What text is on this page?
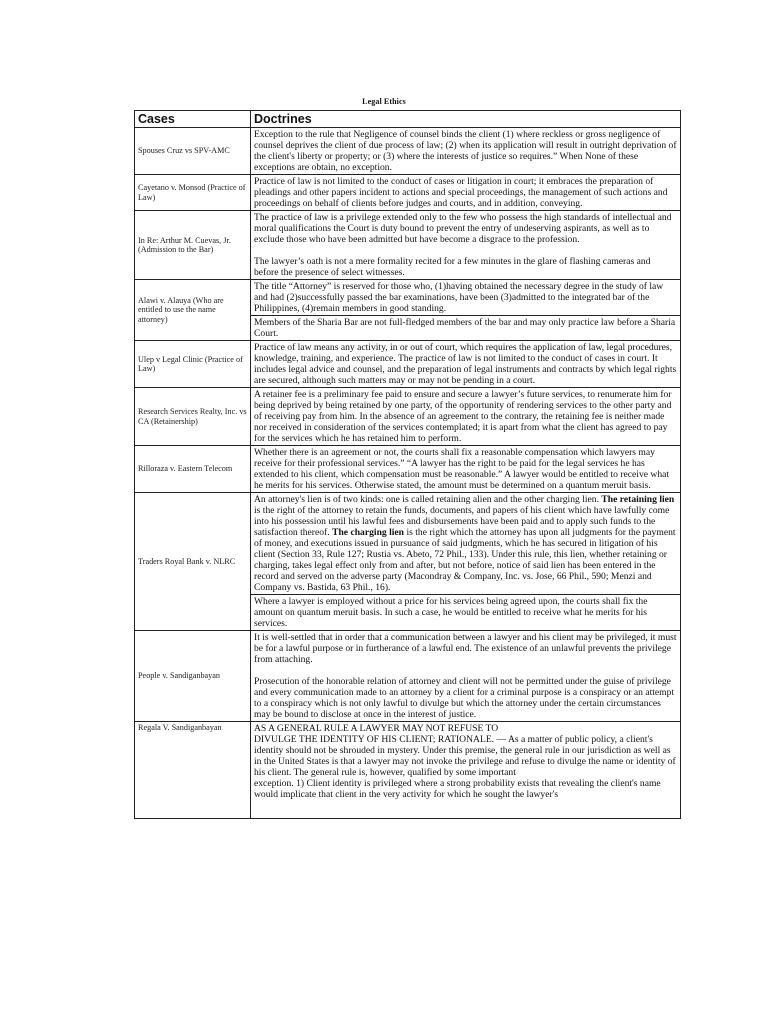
Legal Ethics
Cases	Doctrines
Spouses Cruz vs SPV-AMC	Exception to the rule that Negligence of counsel binds the client (1) where reckless or gross negligence of counsel deprives the client of due process of law; (2) when its application will result in outright deprivation of the client's liberty or property; or (3) where the interests of justice so requires.” When None of these exceptions are obtain, no exception.
Cayetano v. Monsod (Practice of Law)	Practice of law is not limited to the conduct of cases or litigation in court; it embraces the preparation of pleadings and other papers incident to actions and special proceedings, the management of such actions and proceedings on behalf of clients before judges and courts, and in addition, conveying.
In Re: Arthur M. Cuevas, Jr. (Admission to the Bar)	The practice of law is a privilege extended only to the few who possess the high standards of intellectual and moral qualifications the Court is duty bound to prevent the entry of undeserving aspirants, as well as to exclude those who have been admitted but have become a disgrace to the profession.
The lawyer’s oath is not a mere formality recited for a few minutes in the glare of flashing cameras and before the presence of select witnesses.

Alawi v. Alauya (Who are entitled to use the name attorney)	The title “Attorney” is reserved for those who, (1)having obtained the necessary degree in the study of law and had (2)successfully passed the bar examinations, have been (3)admitted to the integrated bar of the Philippines, (4)remain members in good standing.
	Members of the Sharia Bar are not full-fledged members of the bar and may only practice law before a Sharia Court.
Ulep v Legal Clinic (Practice of Law)	Practice of law means any activity, in or out of court, which requires the application of law, legal procedures, knowledge, training, and experience. The practice of law is not limited to the conduct of cases in court. It includes legal advice and counsel, and the preparation of legal instruments and contracts by which legal rights are secured, although such matters may or may not be pending in a court.
Research Services Realty, Inc. vs CA (Retainership)	A retainer fee is a preliminary fee paid to ensure and secure a lawyer’s future services, to renumerate him for being deprived by being retained by one party, of the opportunity of rendering services to the other party and of receiving pay from him. In the absence of an agreement to the contrary, the retaining fee is neither made nor received in consideration of the services contemplated; it is apart from what the client has agreed to pay for the services which he has retained him to perform.
Rilloraza v. Eastern Telecom	Whether there is an agreement or not, the courts shall fix a reasonable compensation which lawyers may receive for their professional services.” “A lawyer has the right to be paid for the legal services he has extended to his client, which compensation must be reasonable.” A lawyer would be entitled to receive what he merits for his services. Otherwise stated, the amount must be determined on a quantum meruit basis.
Traders Royal Bank v. NLRC	An attorney's lien is of two kinds: one is called retaining alien and the other charging lien. The retaining lien is the right of the attorney to retain the funds, documents, and papers of his client which have lawfully come into his possession until his lawful fees and disbursements have been paid and to apply such funds to the satisfaction thereof. The charging lien is the right which the attorney has upon all judgments for the payment of money, and executions issued in pursuance of said judgments, which he has secured in litigation of his client (Section 33, Rule 127; Rustia vs. Abeto, 72 Phil., 133). Under this rule, this lien, whether retaining or charging, takes legal effect only from and after, but not before, notice of said lien has been entered in the record and served on the adverse party (Macondray & Company, Inc. vs. Jose, 66 Phil., 590; Menzi and Company vs. Bastida, 63 Phil., 16).
	Where a lawyer is employed without a price for his services being agreed upon, the courts shall fix the amount on quantum meruit basis. In such a case, he would be entitled to receive what he merits for his services.
People v. Sandiganbayan	It is well-settled that in order that a communication between a lawyer and his client may be privileged, it must be for a lawful purpose or in furtherance of a lawful end. The existence of an unlawful prevents the privilege from attaching.
Prosecution of the honorable relation of attorney and client will not be permitted under the guise of privilege and every communication made to an attorney by a client for a criminal purpose is a conspiracy or an attempt to a conspiracy which is not only lawful to divulge but which the attorney under the certain circumstances may be bound to disclose at once in the interest of justice.

Regala V. Sandiganbayan	AS A GENERAL RULE A LAWYER MAY NOT REFUSE TO
DIVULGE THE IDENTITY OF HIS CLIENT; RATIONALE. — As a matter of public policy, a client's identity should not be shrouded in mystery. Under this premise, the general rule in our jurisdiction as well as in the United States is that a lawyer may not invoke the privilege and refuse to divulge the name or identity of his client. The general rule is, however, qualified by some important
exception. 1) Client identity is privileged where a strong probability exists that revealing the client's name would implicate that client in the very activity for which he sought the lawyer's
